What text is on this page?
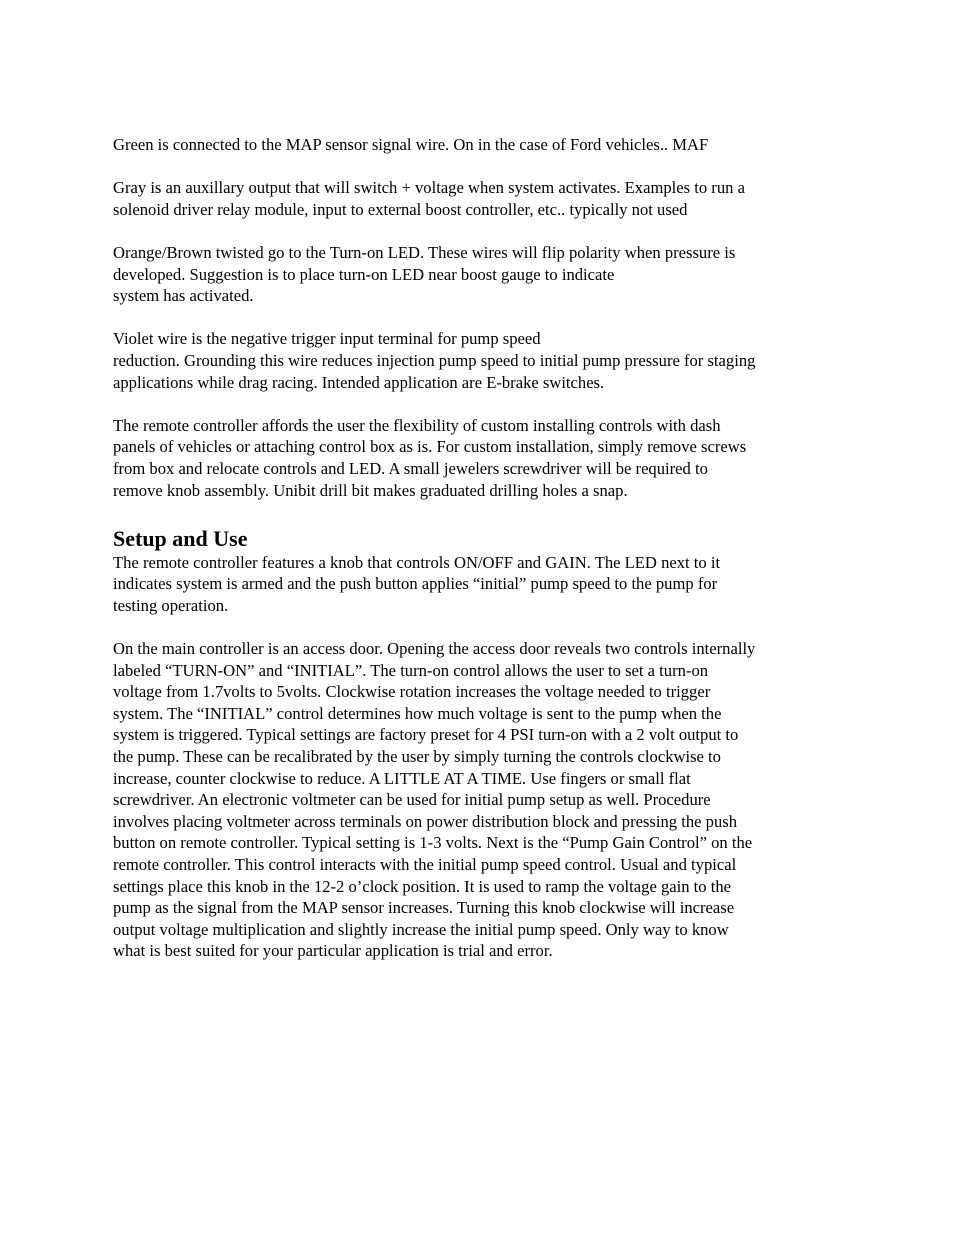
Green is connected to the MAP sensor signal wire. On in the case of Ford vehicles.. MAF

Gray is an auxillary output that will switch + voltage when system activates. Examples to run a
solenoid driver relay module, input to external boost controller, etc.. typically not used

Orange/Brown twisted go to the Turn-on LED. These wires will flip polarity when pressure is
developed. Suggestion is to place turn-on LED near boost gauge to indicate
system has activated.

Violet wire is the negative trigger input terminal for pump speed
reduction. Grounding this wire reduces injection pump speed to initial pump pressure for staging
applications while drag racing. Intended application are E-brake switches.

The remote controller affords the user the flexibility of custom installing controls with dash
panels of vehicles or attaching control box as is. For custom installation, simply remove screws
from box and relocate controls and LED. A small jewelers screwdriver will be required to
remove knob assembly. Unibit drill bit makes graduated drilling holes a snap.

Setup and Use

The remote controller features a knob that controls ON/OFF and GAIN. The LED next to it
indicates system is armed and the push button applies “initial” pump speed to the pump for
testing operation.

On the main controller is an access door. Opening the access door reveals two controls internally
labeled “TURN-ON” and “INITIAL”. The turn-on control allows the user to set a turn-on
voltage from 1.7volts to 5volts. Clockwise rotation increases the voltage needed to trigger
system. The “INITIAL” control determines how much voltage is sent to the pump when the
system is triggered. Typical settings are factory preset for 4 PSI turn-on with a 2 volt output to
the pump. These can be recalibrated by the user by simply turning the controls clockwise to
increase, counter clockwise to reduce. A LITTLE AT A TIME. Use fingers or small flat
screwdriver. An electronic voltmeter can be used for initial pump setup as well. Procedure
involves placing voltmeter across terminals on power distribution block and pressing the push
button on remote controller. Typical setting is 1-3 volts. Next is the “Pump Gain Control” on the
remote controller. This control interacts with the initial pump speed control. Usual and typical
settings place this knob in the 12-2 o’clock position. It is used to ramp the voltage gain to the
pump as the signal from the MAP sensor increases. Turning this knob clockwise will increase
output voltage multiplication and slightly increase the initial pump speed. Only way to know
what is best suited for your particular application is trial and error.
